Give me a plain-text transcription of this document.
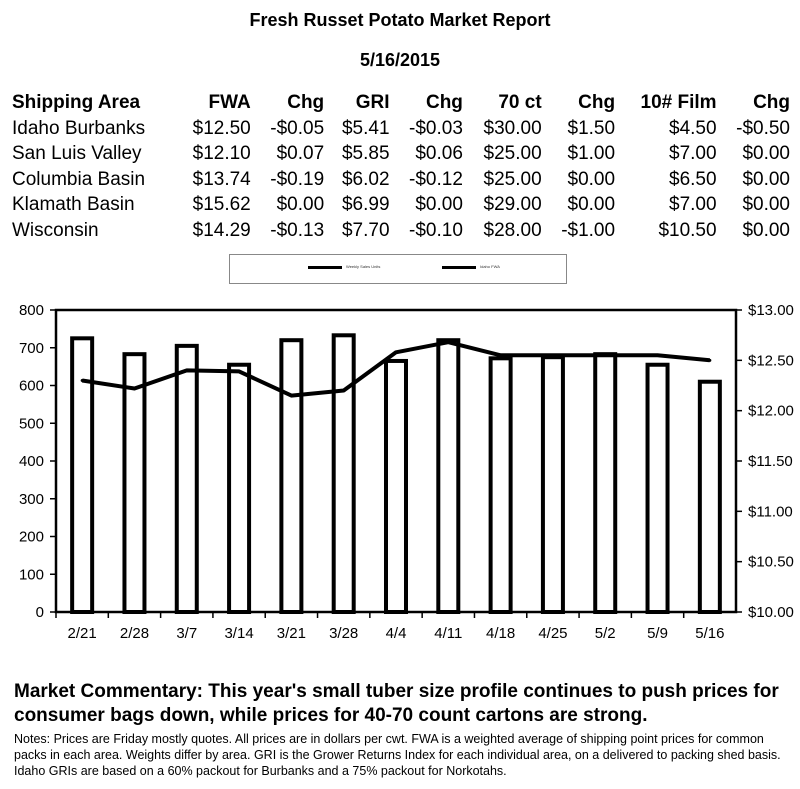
Fresh Russet Potato Market Report
5/16/2015
Shipping Area	FWA	Chg	GRI	Chg	70 ct	Chg	10# Film	Chg
Idaho Burbanks	$12.50	-$0.05	$5.41	-$0.03	$30.00	$1.50	$4.50	-$0.50
San Luis Valley	$12.10	$0.07	$5.85	$0.06	$25.00	$1.00	$7.00	$0.00
Columbia Basin	$13.74	-$0.19	$6.02	-$0.12	$25.00	$0.00	$6.50	$0.00
Klamath Basin	$15.62	$0.00	$6.99	$0.00	$29.00	$0.00	$7.00	$0.00
Wisconsin	$14.29	-$0.13	$7.70	-$0.10	$28.00	-$1.00	$10.50	$0.00
Weekly Sales Units	Idaho FWA
0
100
200
300
400
500
600
700
800
$10.00
$10.50
$11.00
$11.50
$12.00
$12.50
$13.00
2/21 2/28 3/7 3/14 3/21 3/28 4/4 4/11 4/18 4/25 5/2 5/9 5/16
Market Commentary: This year's small tuber size profile continues to push prices for consumer bags down, while prices for 40-70 count cartons are strong.
Notes: Prices are Friday mostly quotes. All prices are in dollars per cwt. FWA is a weighted average of shipping point prices for common packs in each area. Weights differ by area. GRI is the Grower Returns Index for each individual area, on a delivered to packing shed basis. Idaho GRIs are based on a 60% packout for Burbanks and a 75% packout for Norkotahs.
